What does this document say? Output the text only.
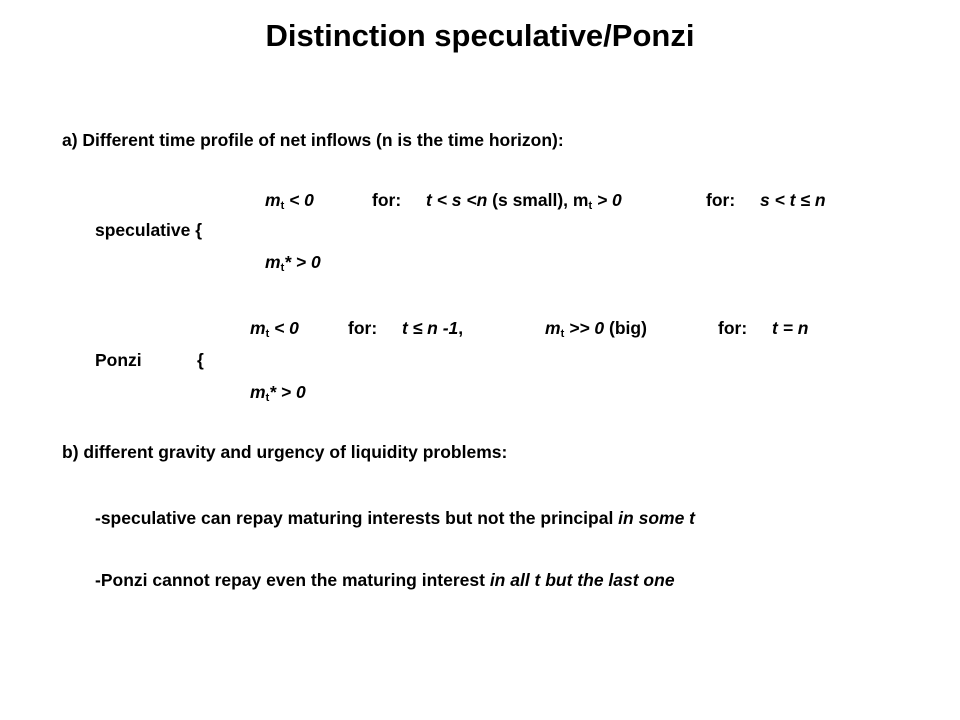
Distinction speculative/Ponzi
a) Different time profile of net inflows (n is the time horizon):
$m_t < 0$	for: t < s <n (s small), $m_t > 0$	for: s < t ≤ n
speculative {
$m_t* > 0$
$m_t < 0$	for: t ≤ n -1,	$m_t >> 0$ (big)	for: t = n
Ponzi	{
$m_t* > 0$
b) different gravity and urgency of liquidity problems:
-speculative can repay maturing interests but not the principal in some t
-Ponzi cannot repay even the maturing interest in all t but the last one
